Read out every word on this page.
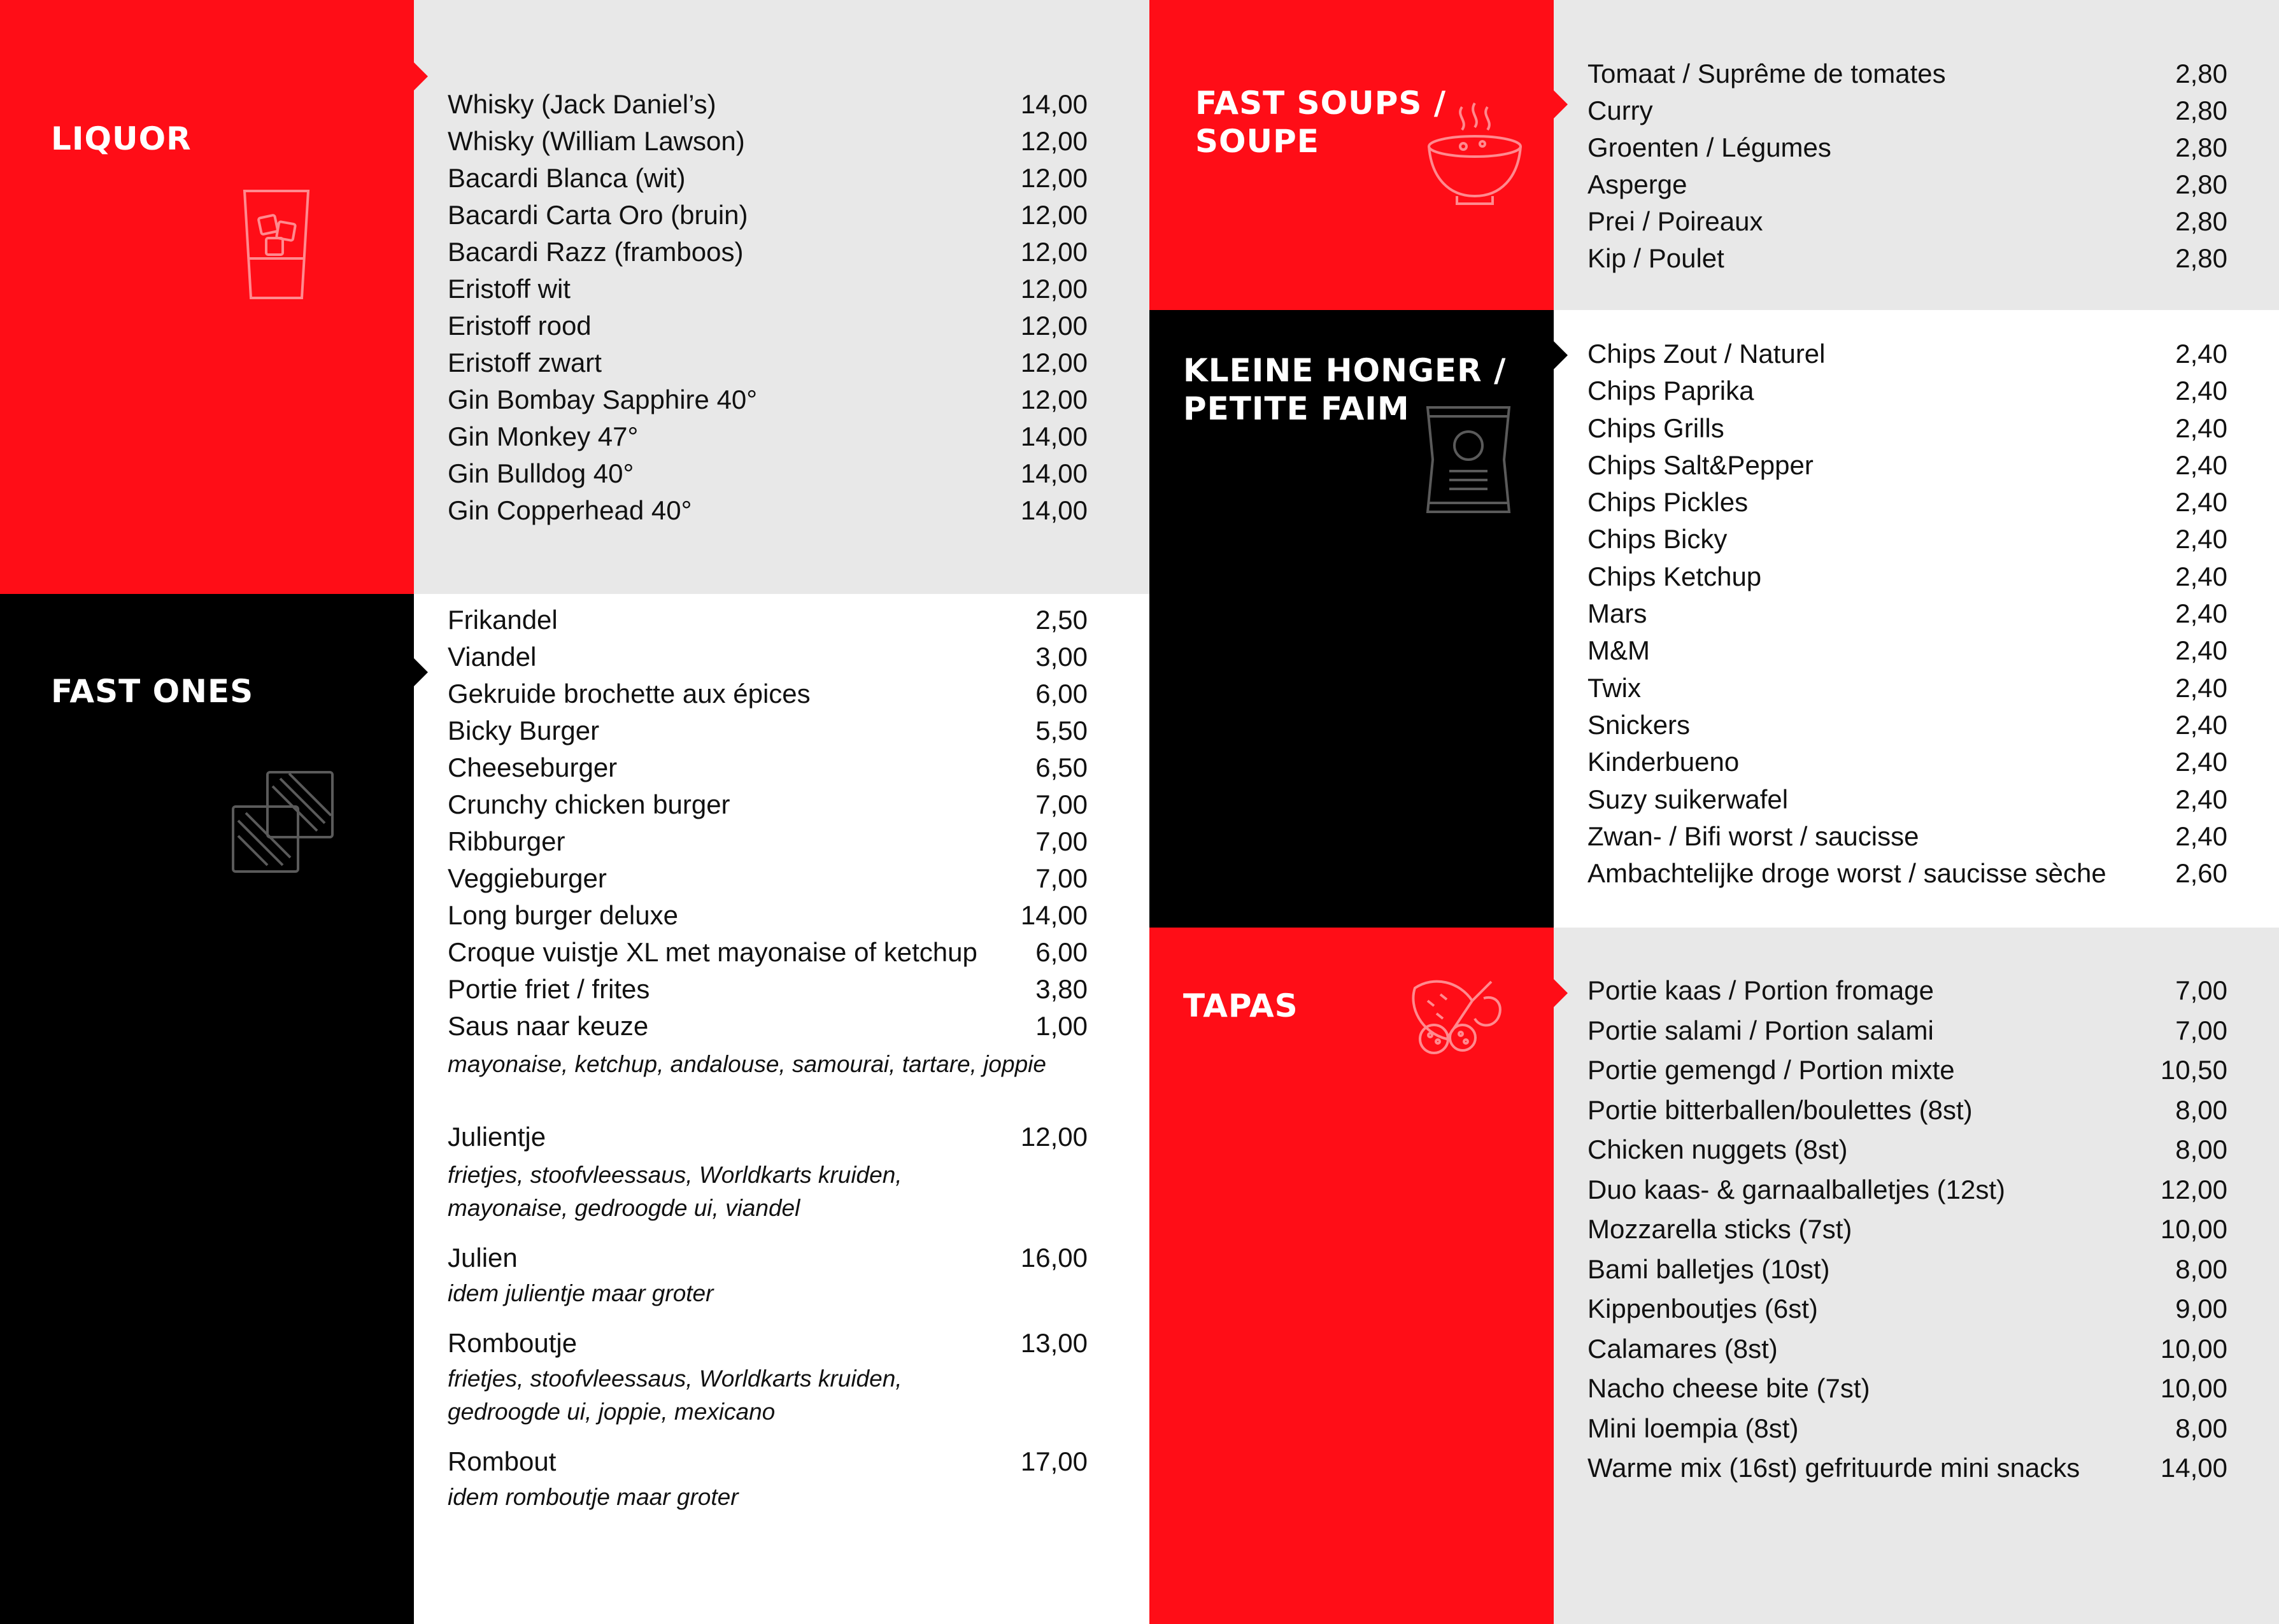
LIQUOR
Whisky (Jack Daniel’s)	14,00
Whisky (William Lawson)	12,00
Bacardi Blanca (wit)	12,00
Bacardi Carta Oro (bruin)	12,00
Bacardi Razz (framboos)	12,00
Eristoff wit	12,00
Eristoff rood	12,00
Eristoff zwart	12,00
Gin Bombay Sapphire 40°	12,00
Gin Monkey 47°	14,00
Gin Bulldog 40°	14,00
Gin Copperhead 40°	14,00
FAST ONES
Frikandel	2,50
Viandel	3,00
Gekruide brochette aux épices	6,00
Bicky Burger	5,50
Cheeseburger	6,50
Crunchy chicken burger	7,00
Ribburger	7,00
Veggieburger	7,00
Long burger deluxe	14,00
Croque vuistje XL met mayonaise of ketchup	6,00
Portie friet / frites	3,80
Saus naar keuze	1,00
mayonaise, ketchup, andalouse, samourai, tartare, joppie
Julientje	12,00
frietjes, stoofvleessaus, Worldkarts kruiden,
mayonaise, gedroogde ui, viandel
Julien	16,00
idem julientje maar groter
Romboutje	13,00
frietjes, stoofvleessaus, Worldkarts kruiden,
gedroogde ui, joppie, mexicano
Rombout	17,00
idem romboutje maar groter
FAST SOUPS /
SOUPE
Tomaat / Suprême de tomates	2,80
Curry	2,80
Groenten / Légumes	2,80
Asperge	2,80
Prei / Poireaux	2,80
Kip / Poulet	2,80
KLEINE HONGER /
PETITE FAIM
Chips Zout / Naturel	2,40
Chips Paprika	2,40
Chips Grills	2,40
Chips Salt&Pepper	2,40
Chips Pickles	2,40
Chips Bicky	2,40
Chips Ketchup	2,40
Mars	2,40
M&M	2,40
Twix	2,40
Snickers	2,40
Kinderbueno	2,40
Suzy suikerwafel	2,40
Zwan- / Bifi worst / saucisse	2,40
Ambachtelijke droge worst / saucisse sèche	2,60
TAPAS	Portie kaas / Portion fromage	7,00
Portie salami / Portion salami	7,00
Portie gemengd / Portion mixte	10,50
Portie bitterballen/boulettes (8st)	8,00
Chicken nuggets (8st)	8,00
Duo kaas- & garnaalballetjes (12st)	12,00
Mozzarella sticks (7st)	10,00
Bami balletjes (10st)	8,00
Kippenboutjes (6st)	9,00
Calamares (8st)	10,00
Nacho cheese bite (7st)	10,00
Mini loempia (8st)	8,00
Warme mix (16st) gefrituurde mini snacks	14,00
